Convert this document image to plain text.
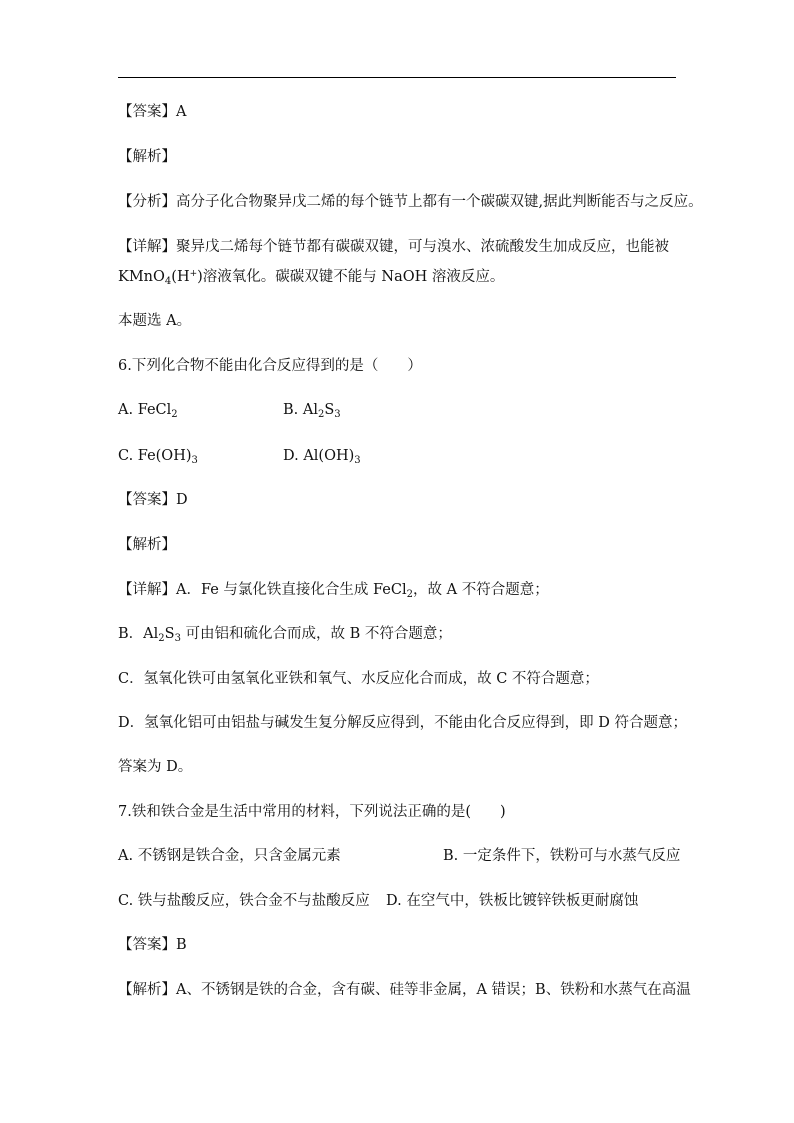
【答案】A
【解析】
【分析】高分子化合物聚异戊二烯的每个链节上都有一个碳碳双键,据此判断能否与之反应。
【详解】聚异戊二烯每个链节都有碳碳双键，可与溴水、浓硫酸发生加成反应，也能被
KMnO$_4$(H+)溶液氧化。碳碳双键不能与 NaOH 溶液反应。
本题选 A。
6.下列化合物不能由化合反应得到的是（　　）
A. FeCl$_2$	B. $Al_2S_3$
C. $Fe(OH)_3$	D. $Al(OH)_3$
【答案】D
【解析】
【详解】A．Fe 与氯化铁直接化合生成 FeCl$_2$，故 A 不符合题意；
B．$Al_2S_3$ 可由铝和硫化合而成，故 B 不符合题意；
C．氢氧化铁可由氢氧化亚铁和氧气、水反应化合而成，故 C 不符合题意；
D．氢氧化铝可由铝盐与碱发生复分解反应得到，不能由化合反应得到，即 D 符合题意；
答案为 D。
7.铁和铁合金是生活中常用的材料，下列说法正确的是(　　)
A. 不锈钢是铁合金，只含金属元素	B. 一定条件下，铁粉可与水蒸气反应
C. 铁与盐酸反应，铁合金不与盐酸反应 D. 在空气中，铁板比镀锌铁板更耐腐蚀
【答案】B
【解析】A、不锈钢是铁的合金，含有碳、硅等非金属，A 错误；B、铁粉和水蒸气在高温
